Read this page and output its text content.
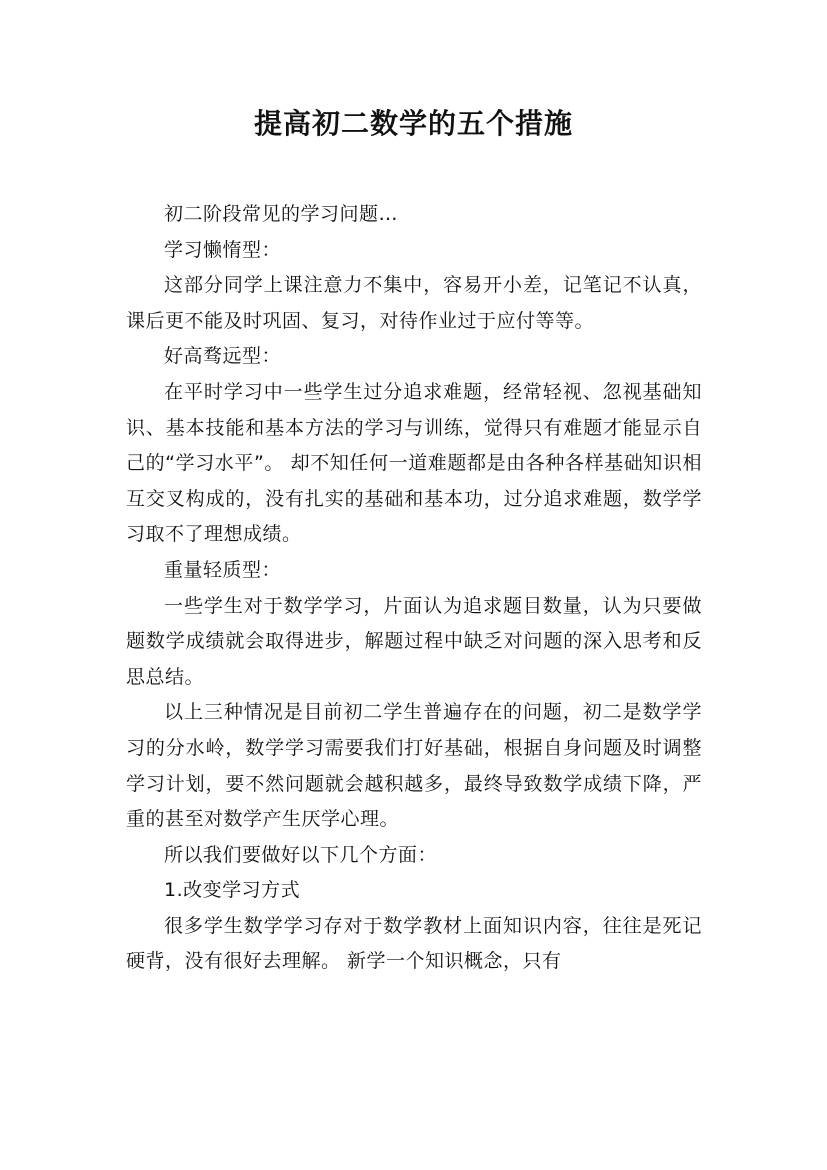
提高初二数学的五个措施

初二阶段常见的学习问题…

学习懒惰型：

这部分同学上课注意力不集中，容易开小差，记笔记不认真，课后更不能及时巩固、复习，对待作业过于应付等等。

好高骛远型：

在平时学习中一些学生过分追求难题，经常轻视、忽视基础知识、基本技能和基本方法的学习与训练，觉得只有难题才能显示自己的“学习水平”。 却不知任何一道难题都是由各种各样基础知识相互交叉构成的，没有扎实的基础和基本功，过分追求难题，数学学习取不了理想成绩。

重量轻质型：

一些学生对于数学学习，片面认为追求题目数量，认为只要做题数学成绩就会取得进步，解题过程中缺乏对问题的深入思考和反思总结。

以上三种情况是目前初二学生普遍存在的问题，初二是数学学习的分水岭，数学学习需要我们打好基础，根据自身问题及时调整学习计划，要不然问题就会越积越多，最终导致数学成绩下降，严重的甚至对数学产生厌学心理。

所以我们要做好以下几个方面：

1.改变学习方式

很多学生数学学习存对于数学教材上面知识内容，往往是死记硬背，没有很好去理解。 新学一个知识概念，只有
